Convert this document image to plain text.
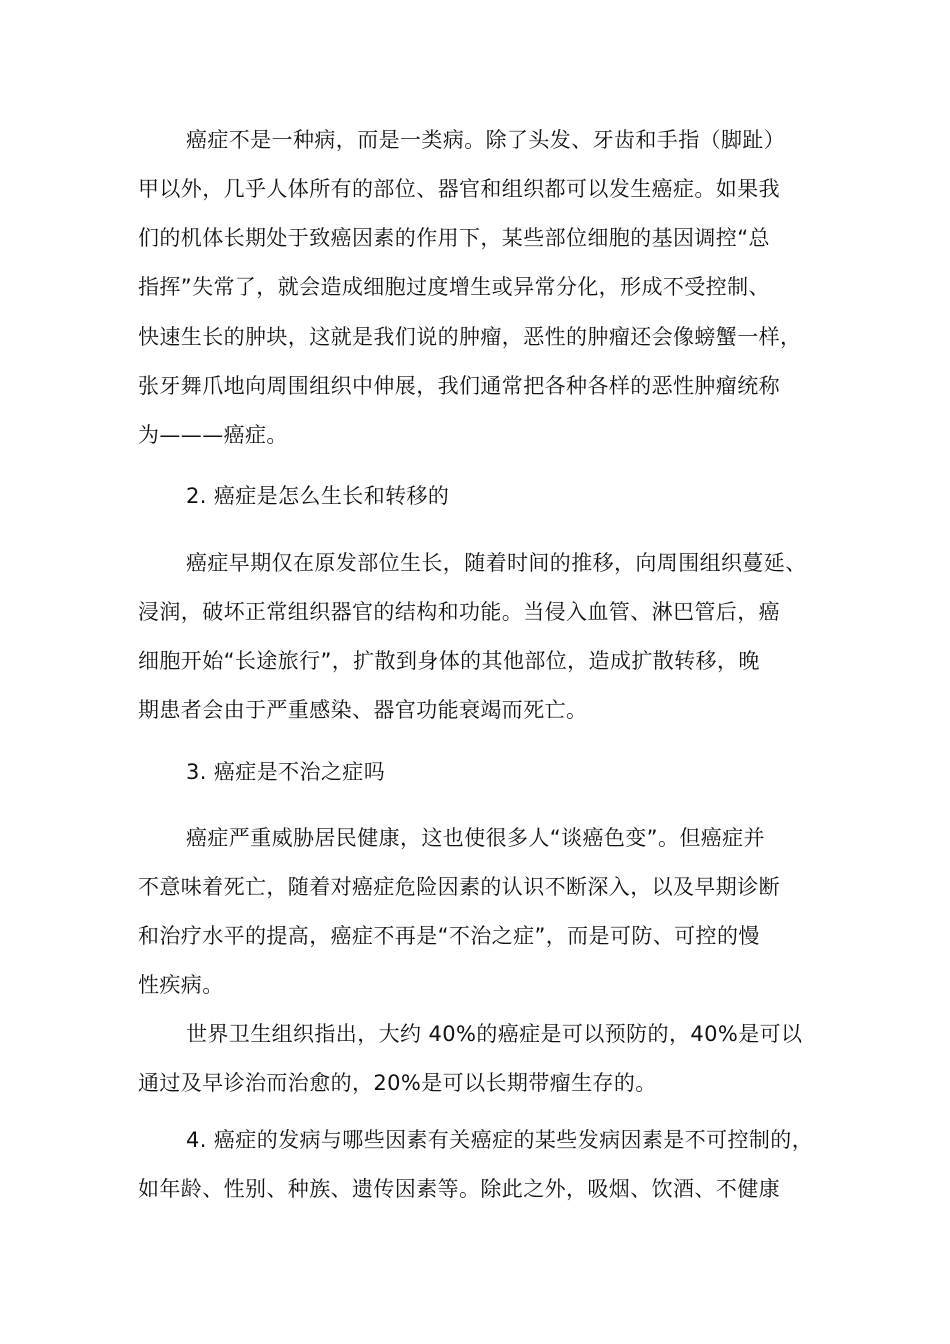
癌症不是一种病，而是一类病。除了头发、牙齿和手指（脚趾）
甲以外，几乎人体所有的部位、器官和组织都可以发生癌症。如果我
们的机体长期处于致癌因素的作用下，某些部位细胞的基因调控“总
指挥”失常了，就会造成细胞过度增生或异常分化，形成不受控制、
快速生长的肿块，这就是我们说的肿瘤，恶性的肿瘤还会像螃蟹一样，
张牙舞爪地向周围组织中伸展，我们通常把各种各样的恶性肿瘤统称
为———癌症。
2. 癌症是怎么生长和转移的
癌症早期仅在原发部位生长，随着时间的推移，向周围组织蔓延、
浸润，破坏正常组织器官的结构和功能。当侵入血管、淋巴管后，癌
细胞开始“长途旅行”，扩散到身体的其他部位，造成扩散转移，晚
期患者会由于严重感染、器官功能衰竭而死亡。
3. 癌症是不治之症吗
癌症严重威胁居民健康，这也使很多人“谈癌色变”。但癌症并
不意味着死亡，随着对癌症危险因素的认识不断深入，以及早期诊断
和治疗水平的提高，癌症不再是“不治之症”，而是可防、可控的慢
性疾病。
世界卫生组织指出，大约 40%的癌症是可以预防的，40%是可以
通过及早诊治而治愈的，20%是可以长期带瘤生存的。
4. 癌症的发病与哪些因素有关癌症的某些发病因素是不可控制的，
如年龄、性别、种族、遗传因素等。除此之外，吸烟、饮酒、不健康
